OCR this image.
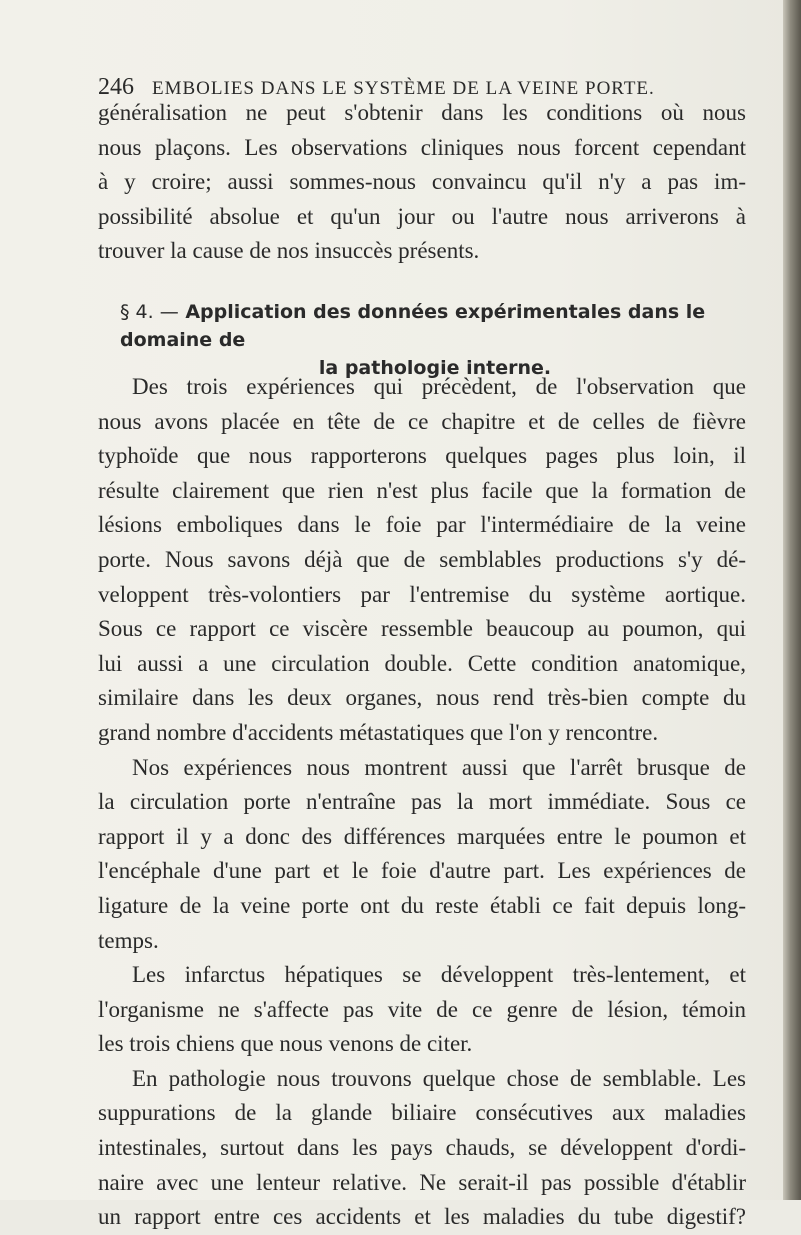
246 EMBOLIES DANS LE SYSTÈME DE LA VEINE PORTE.
généralisation ne peut s'obtenir dans les conditions où nous
nous plaçons. Les observations cliniques nous forcent cependant
à y croire; aussi sommes-nous convaincu qu'il n'y a pas im-
possibilité absolue et qu'un jour ou l'autre nous arriverons à
trouver la cause de nos insuccès présents.
§ 4. — Application des données expérimentales dans le domaine de
la pathologie interne.
Des trois expériences qui précèdent, de l'observation que
nous avons placée en tête de ce chapitre et de celles de fièvre
typhoïde que nous rapporterons quelques pages plus loin, il
résulte clairement que rien n'est plus facile que la formation de
lésions emboliques dans le foie par l'intermédiaire de la veine
porte. Nous savons déjà que de semblables productions s'y dé-
veloppent très-volontiers par l'entremise du système aortique.
Sous ce rapport ce viscère ressemble beaucoup au poumon, qui
lui aussi a une circulation double. Cette condition anatomique,
similaire dans les deux organes, nous rend très-bien compte du
grand nombre d'accidents métastatiques que l'on y rencontre.
Nos expériences nous montrent aussi que l'arrêt brusque de
la circulation porte n'entraîne pas la mort immédiate. Sous ce
rapport il y a donc des différences marquées entre le poumon et
l'encéphale d'une part et le foie d'autre part. Les expériences de
ligature de la veine porte ont du reste établi ce fait depuis long-
temps.
Les infarctus hépatiques se développent très-lentement, et
l'organisme ne s'affecte pas vite de ce genre de lésion, témoin
les trois chiens que nous venons de citer.
En pathologie nous trouvons quelque chose de semblable. Les
suppurations de la glande biliaire consécutives aux maladies
intestinales, surtout dans les pays chauds, se développent d'ordi-
naire avec une lenteur relative. Ne serait-il pas possible d'établir
un rapport entre ces accidents et les maladies du tube digestif?
